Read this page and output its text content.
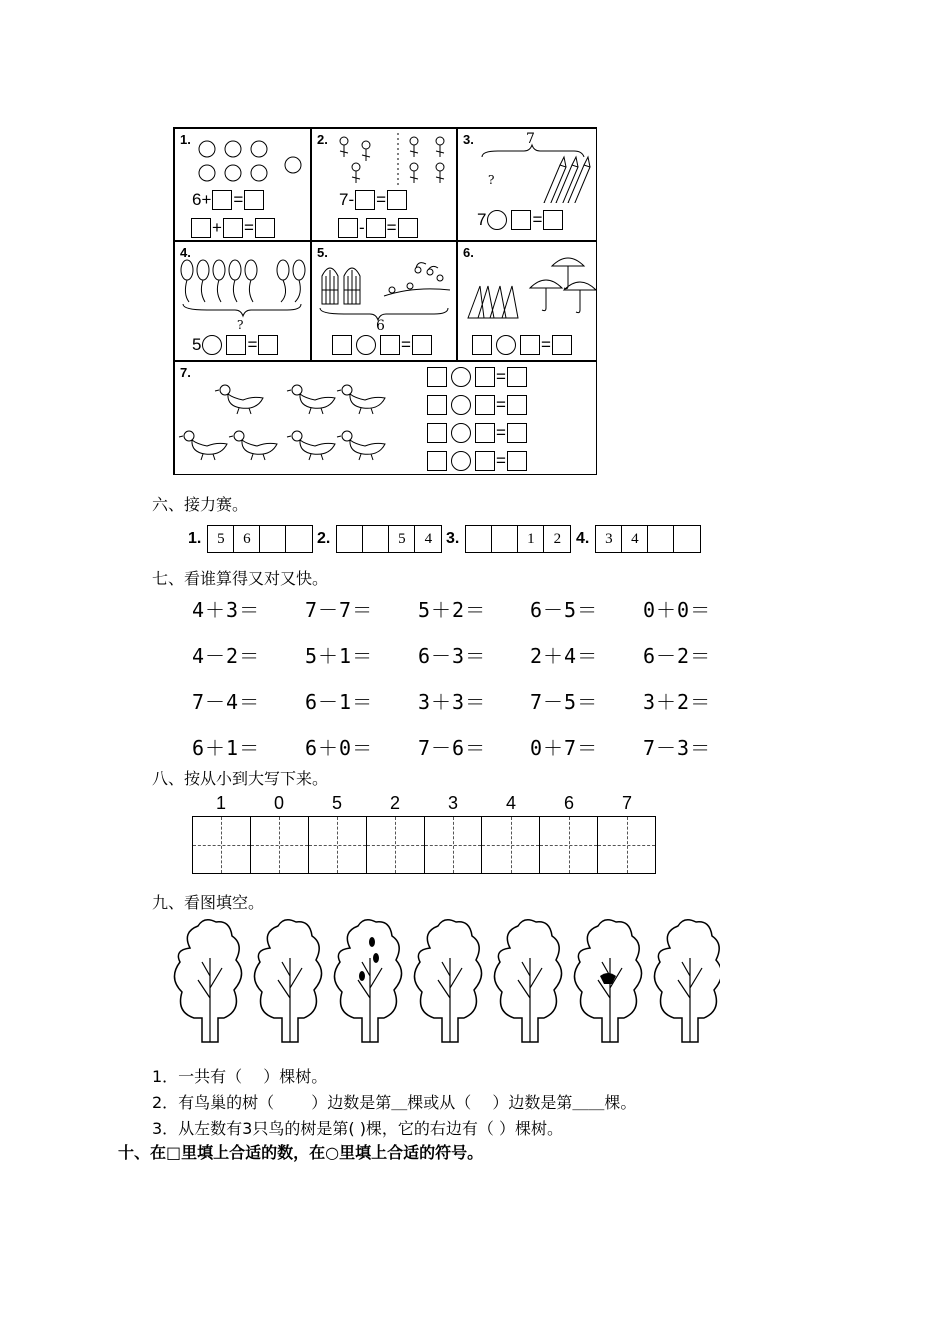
1.
6+ =
+ =
2.
7- =
- =
3.	7
?
7	=
4.
?
5	=
5.
6
=
6.
=
7.	=
=
=
=
六、接力赛。
1.	5	6	2.	5	4 3.	1	2 4.	3	4
七、看谁算得又对又快。
4＋3＝ 7－7＝ 5＋2＝ 6－5＝ 0＋0＝
4－2＝ 5＋1＝ 6－3＝ 2＋4＝ 6－2＝
7－4＝ 6－1＝ 3＋3＝ 7－5＝ 3＋2＝
6＋1＝ 6＋0＝ 7－6＝ 0＋7＝ 7－3＝
八、按从小到大写下来。
1	0	5	2	3	4	6	7
九、看图填空。
1．一共有（　 ）棵树。
2．有鸟巢的树（　　 ）边数是第＿棵或从（　 ）边数是第＿＿棵。
3．从左数有3只鸟的树是第( )棵，它的右边有（ ）棵树。
十、在□里填上合适的数，在○里填上合适的符号。
